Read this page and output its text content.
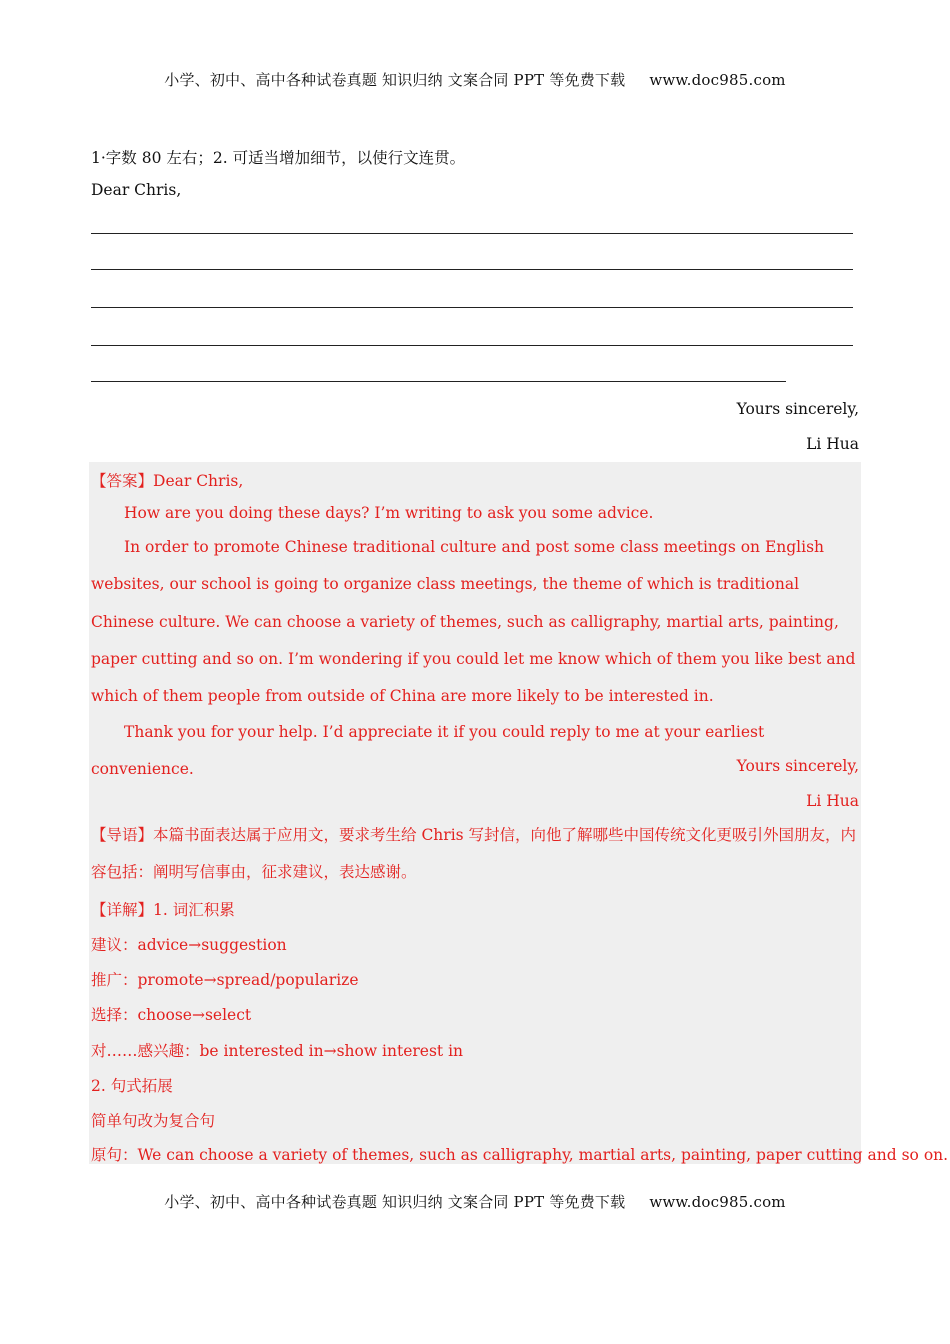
小学、初中、高中各种试卷真题 知识归纳 文案合同 PPT 等免费下载 www.doc985.com
1·字数 80 左右；2. 可适当增加细节，以使行文连贯。
Dear Chris,
Yours sincerely,
Li Hua
【答案】Dear Chris,
How are you doing these days? I’m writing to ask you some advice.
In order to promote Chinese traditional culture and post some class meetings on English websites, our school is going to organize class meetings, the theme of which is traditional Chinese culture. We can choose a variety of themes, such as calligraphy, martial arts, painting, paper cutting and so on. I’m wondering if you could let me know which of them you like best and which of them people from outside of China are more likely to be interested in.
Thank you for your help. I’d appreciate it if you could reply to me at your earliest convenience.	Yours sincerely,
Li Hua
【导语】本篇书面表达属于应用文，要求考生给 Chris 写封信，向他了解哪些中国传统文化更吸引外国朋友，内容包括：阐明写信事由，征求建议，表达感谢。
【详解】1. 词汇积累
建议：advice→suggestion
推广：promote→spread/popularize
选择：choose→select
对……感兴趣：be interested in→show interest in
2. 句式拓展
简单句改为复合句
原句：We can choose a variety of themes, such as calligraphy, martial arts, painting, paper cutting and so on.
小学、初中、高中各种试卷真题 知识归纳 文案合同 PPT 等免费下载 www.doc985.com
